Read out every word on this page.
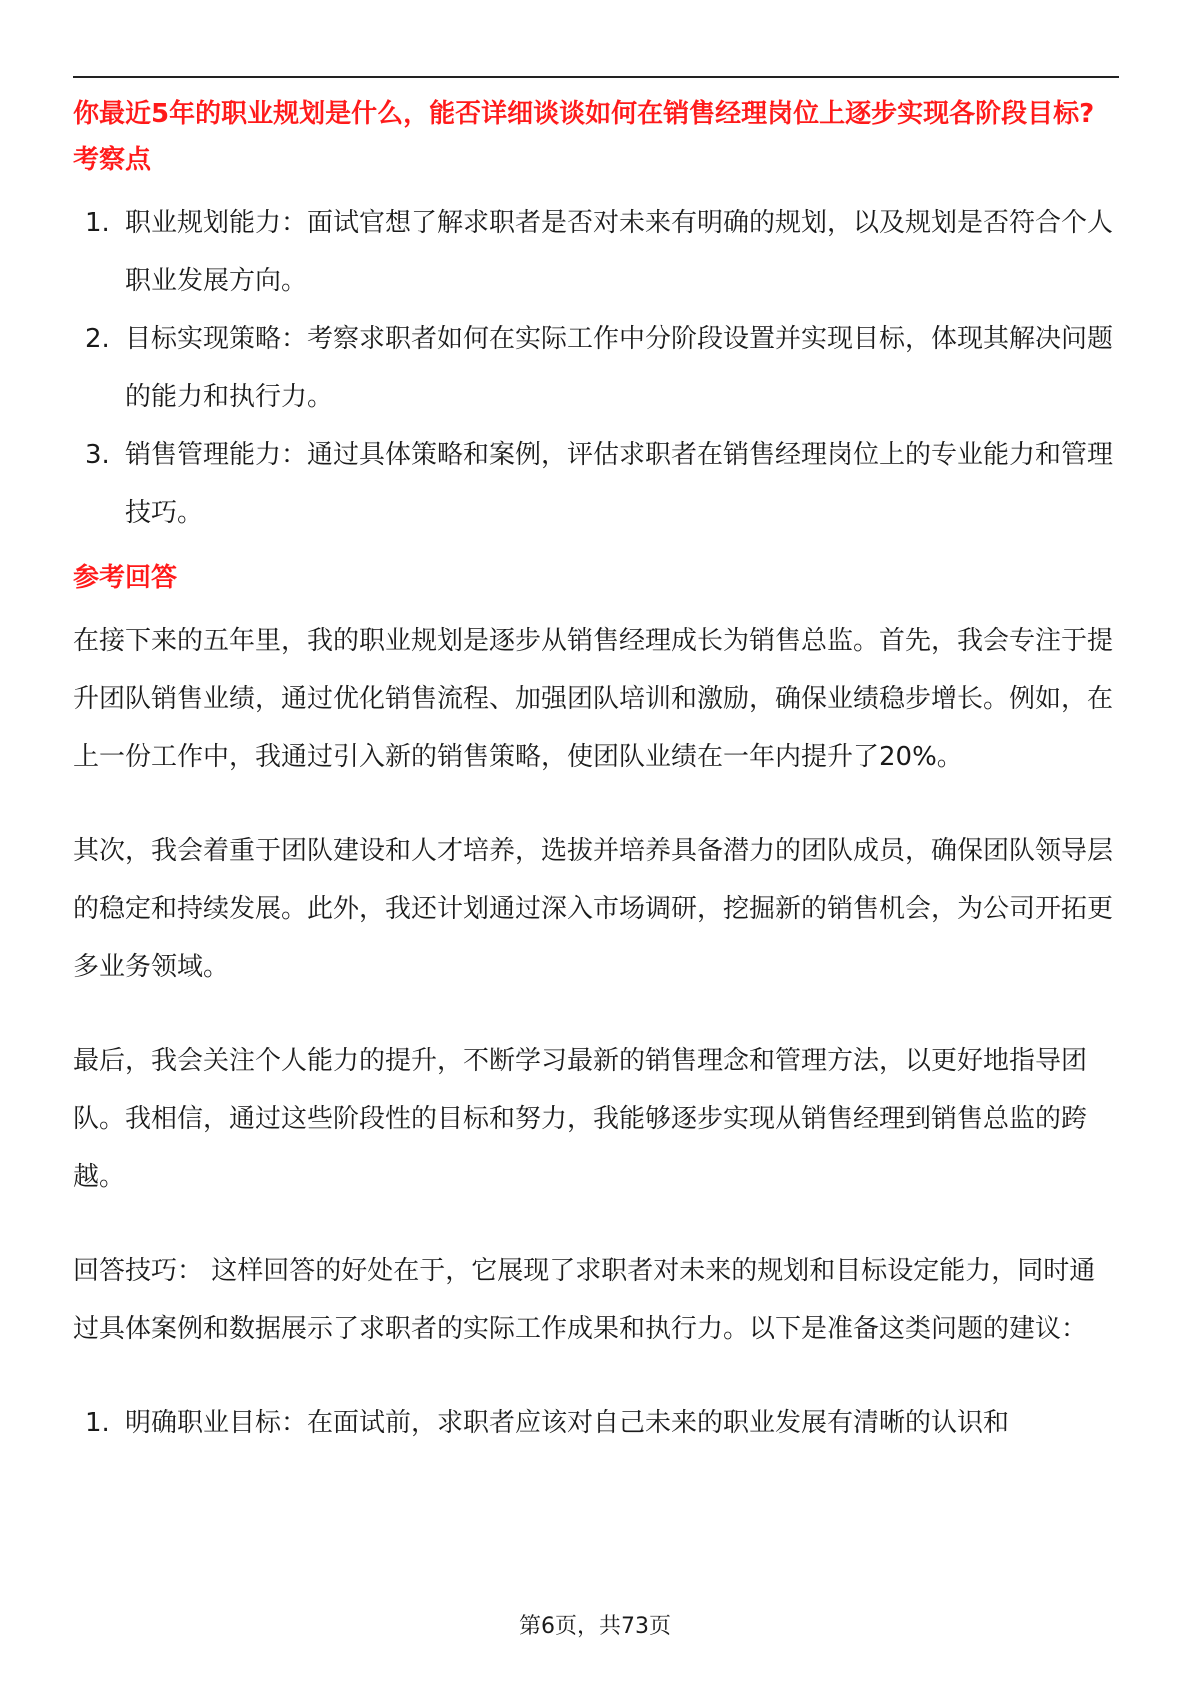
你最近5年的职业规划是什么，能否详细谈谈如何在销售经理岗位上逐步实现各阶段目标?

考察点

1. 职业规划能力：面试官想了解求职者是否对未来有明确的规划，以及规划是否符合个人职业发展方向。
2. 目标实现策略：考察求职者如何在实际工作中分阶段设置并实现目标，体现其解决问题的能力和执行力。
3. 销售管理能力：通过具体策略和案例，评估求职者在销售经理岗位上的专业能力和管理技巧。

参考回答

在接下来的五年里，我的职业规划是逐步从销售经理成长为销售总监。首先，我会专注于提升团队销售业绩，通过优化销售流程、加强团队培训和激励，确保业绩稳步增长。例如，在上一份工作中，我通过引入新的销售策略，使团队业绩在一年内提升了20%。

其次，我会着重于团队建设和人才培养，选拔并培养具备潜力的团队成员，确保团队领导层的稳定和持续发展。此外，我还计划通过深入市场调研，挖掘新的销售机会，为公司开拓更多业务领域。

最后，我会关注个人能力的提升，不断学习最新的销售理念和管理方法，以更好地指导团队。我相信，通过这些阶段性的目标和努力，我能够逐步实现从销售经理到销售总监的跨越。

回答技巧： 这样回答的好处在于，它展现了求职者对未来的规划和目标设定能力，同时通过具体案例和数据展示了求职者的实际工作成果和执行力。以下是准备这类问题的建议：

1. 明确职业目标：在面试前，求职者应该对自己未来的职业发展有清晰的认识和
第6页，共73页
